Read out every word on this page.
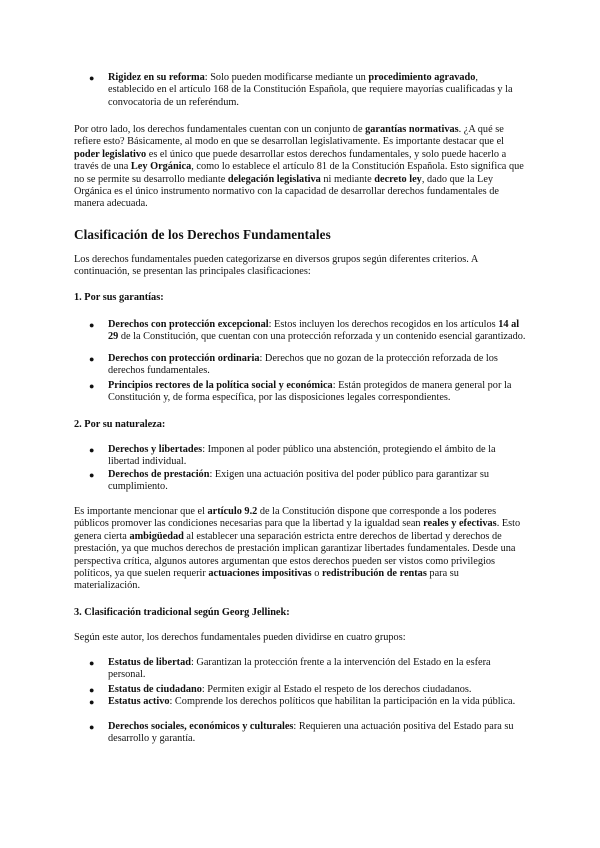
●	Rigidez en su reforma: Solo pueden modificarse mediante un procedimiento agravado, establecido en el artículo 168 de la Constitución Española, que requiere mayorías cualificadas y la convocatoria de un referéndum.

Por otro lado, los derechos fundamentales cuentan con un conjunto de garantías normativas. ¿A qué se refiere esto? Básicamente, al modo en que se desarrollan legislativamente. Es importante destacar que el poder legislativo es el único que puede desarrollar estos derechos fundamentales, y solo puede hacerlo a través de una Ley Orgánica, como lo establece el artículo 81 de la Constitución Española. Esto significa que no se permite su desarrollo mediante delegación legislativa ni mediante decreto ley, dado que la Ley Orgánica es el único instrumento normativo con la capacidad de desarrollar derechos fundamentales de manera adecuada.

Clasificación de los Derechos Fundamentales

Los derechos fundamentales pueden categorizarse en diversos grupos según diferentes criterios. A continuación, se presentan las principales clasificaciones:

1. Por sus garantías:
●	Derechos con protección excepcional: Estos incluyen los derechos recogidos en los artículos 14 al 29 de la Constitución, que cuentan con una protección reforzada y un contenido esencial garantizado.
●	Derechos con protección ordinaria: Derechos que no gozan de la protección reforzada de los derechos fundamentales.
●	Principios rectores de la política social y económica: Están protegidos de manera general por la Constitución y, de forma específica, por las disposiciones legales correspondientes.
2. Por su naturaleza:
●	Derechos y libertades: Imponen al poder público una abstención, protegiendo el ámbito de la libertad individual.
●	Derechos de prestación: Exigen una actuación positiva del poder público para garantizar su cumplimiento.

Es importante mencionar que el artículo 9.2 de la Constitución dispone que corresponde a los poderes públicos promover las condiciones necesarias para que la libertad y la igualdad sean reales y efectivas. Esto genera cierta ambigüedad al establecer una separación estricta entre derechos de libertad y derechos de prestación, ya que muchos derechos de prestación implican garantizar libertades fundamentales. Desde una perspectiva crítica, algunos autores argumentan que estos derechos pueden ser vistos como privilegios políticos, ya que suelen requerir actuaciones impositivas o redistribución de rentas para su materialización.

3. Clasificación tradicional según Georg Jellinek:

Según este autor, los derechos fundamentales pueden dividirse en cuatro grupos:

●	Estatus de libertad: Garantizan la protección frente a la intervención del Estado en la esfera personal.
●	Estatus de ciudadano: Permiten exigir al Estado el respeto de los derechos ciudadanos.
●	Estatus activo: Comprende los derechos políticos que habilitan la participación en la vida pública.
●	Derechos sociales, económicos y culturales: Requieren una actuación positiva del Estado para su desarrollo y garantía.
